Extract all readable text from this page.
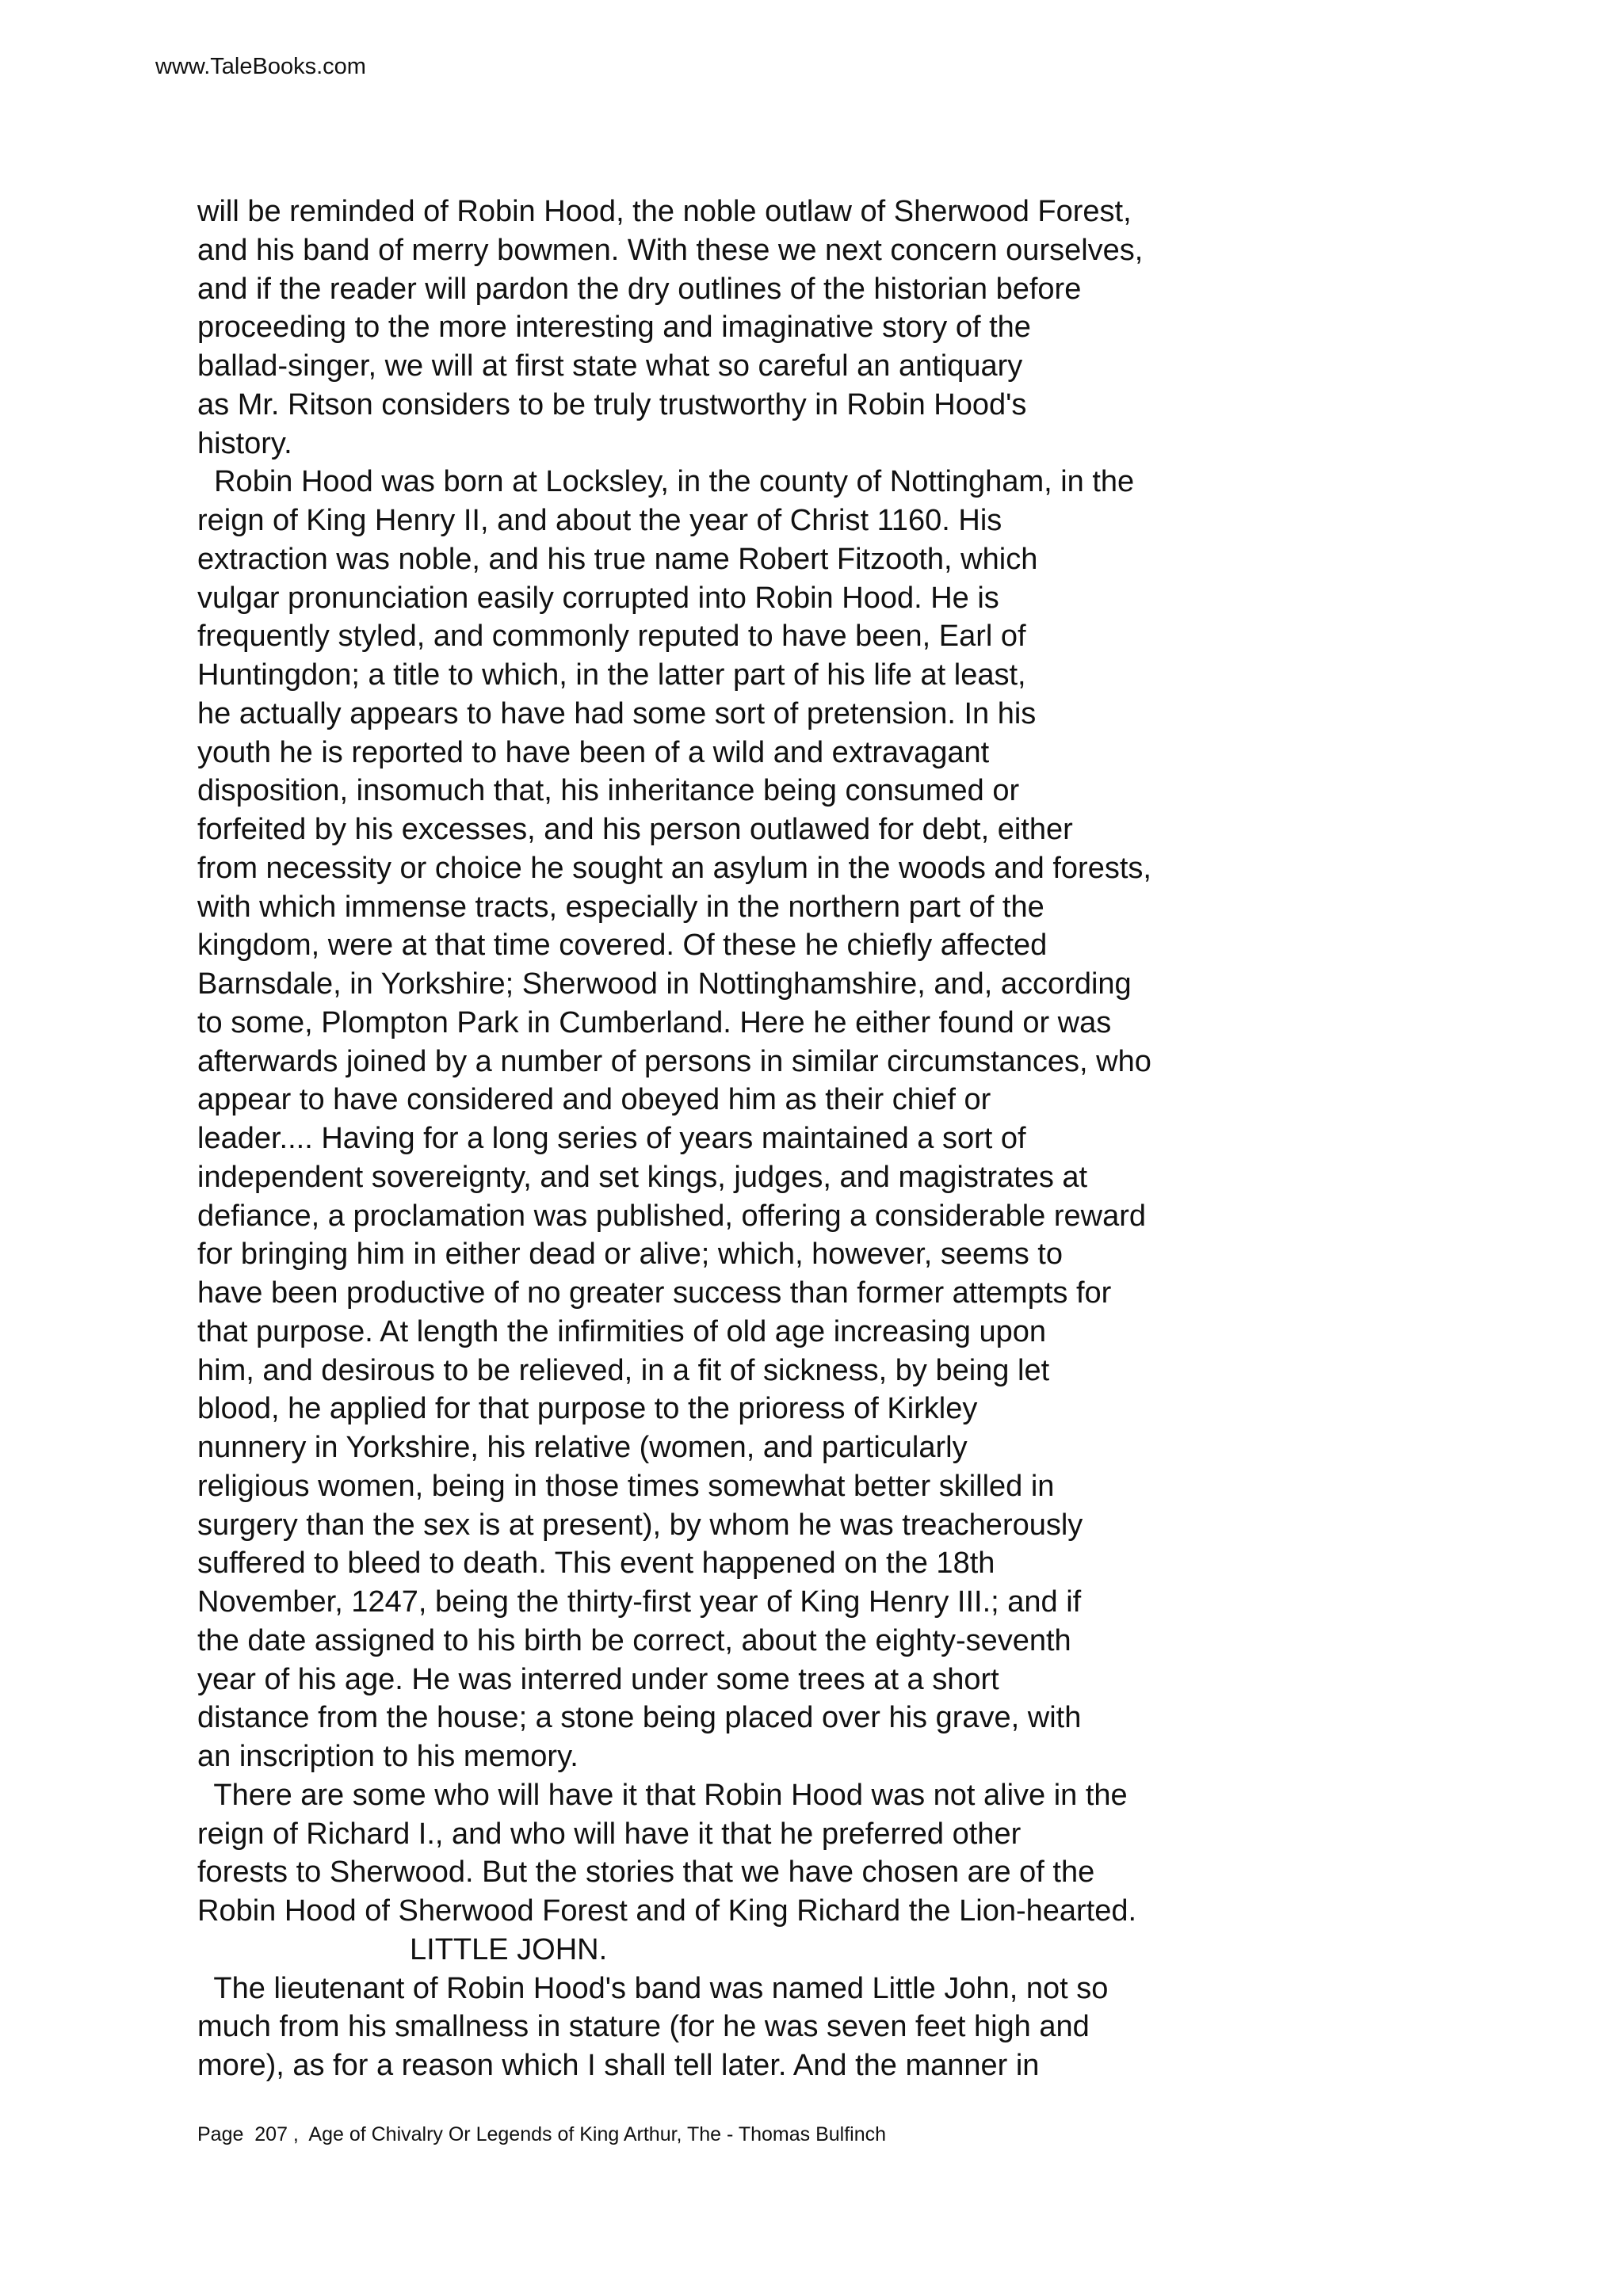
www.TaleBooks.com
will be reminded of Robin Hood, the noble outlaw of Sherwood Forest,
and his band of merry bowmen. With these we next concern ourselves,
and if the reader will pardon the dry outlines of the historian before
proceeding to the more interesting and imaginative story of the
ballad-singer, we will at first state what so careful an antiquary
as Mr. Ritson considers to be truly trustworthy in Robin Hood's
history.
Robin Hood was born at Locksley, in the county of Nottingham, in the
reign of King Henry II, and about the year of Christ 1160. His
extraction was noble, and his true name Robert Fitzooth, which
vulgar pronunciation easily corrupted into Robin Hood. He is
frequently styled, and commonly reputed to have been, Earl of
Huntingdon; a title to which, in the latter part of his life at least,
he actually appears to have had some sort of pretension. In his
youth he is reported to have been of a wild and extravagant
disposition, insomuch that, his inheritance being consumed or
forfeited by his excesses, and his person outlawed for debt, either
from necessity or choice he sought an asylum in the woods and forests,
with which immense tracts, especially in the northern part of the
kingdom, were at that time covered. Of these he chiefly affected
Barnsdale, in Yorkshire; Sherwood in Nottinghamshire, and, according
to some, Plompton Park in Cumberland. Here he either found or was
afterwards joined by a number of persons in similar circumstances, who
appear to have considered and obeyed him as their chief or
leader.... Having for a long series of years maintained a sort of
independent sovereignty, and set kings, judges, and magistrates at
defiance, a proclamation was published, offering a considerable reward
for bringing him in either dead or alive; which, however, seems to
have been productive of no greater success than former attempts for
that purpose. At length the infirmities of old age increasing upon
him, and desirous to be relieved, in a fit of sickness, by being let
blood, he applied for that purpose to the prioress of Kirkley
nunnery in Yorkshire, his relative (women, and particularly
religious women, being in those times somewhat better skilled in
surgery than the sex is at present), by whom he was treacherously
suffered to bleed to death. This event happened on the 18th
November, 1247, being the thirty-first year of King Henry III.; and if
the date assigned to his birth be correct, about the eighty-seventh
year of his age. He was interred under some trees at a short
distance from the house; a stone being placed over his grave, with
an inscription to his memory.
There are some who will have it that Robin Hood was not alive in the
reign of Richard I., and who will have it that he preferred other
forests to Sherwood. But the stories that we have chosen are of the
Robin Hood of Sherwood Forest and of King Richard the Lion-hearted.
LITTLE JOHN.
The lieutenant of Robin Hood's band was named Little John, not so
much from his smallness in stature (for he was seven feet high and
more), as for a reason which I shall tell later. And the manner in
Page  207 ,  Age of Chivalry Or Legends of King Arthur, The - Thomas Bulfinch
